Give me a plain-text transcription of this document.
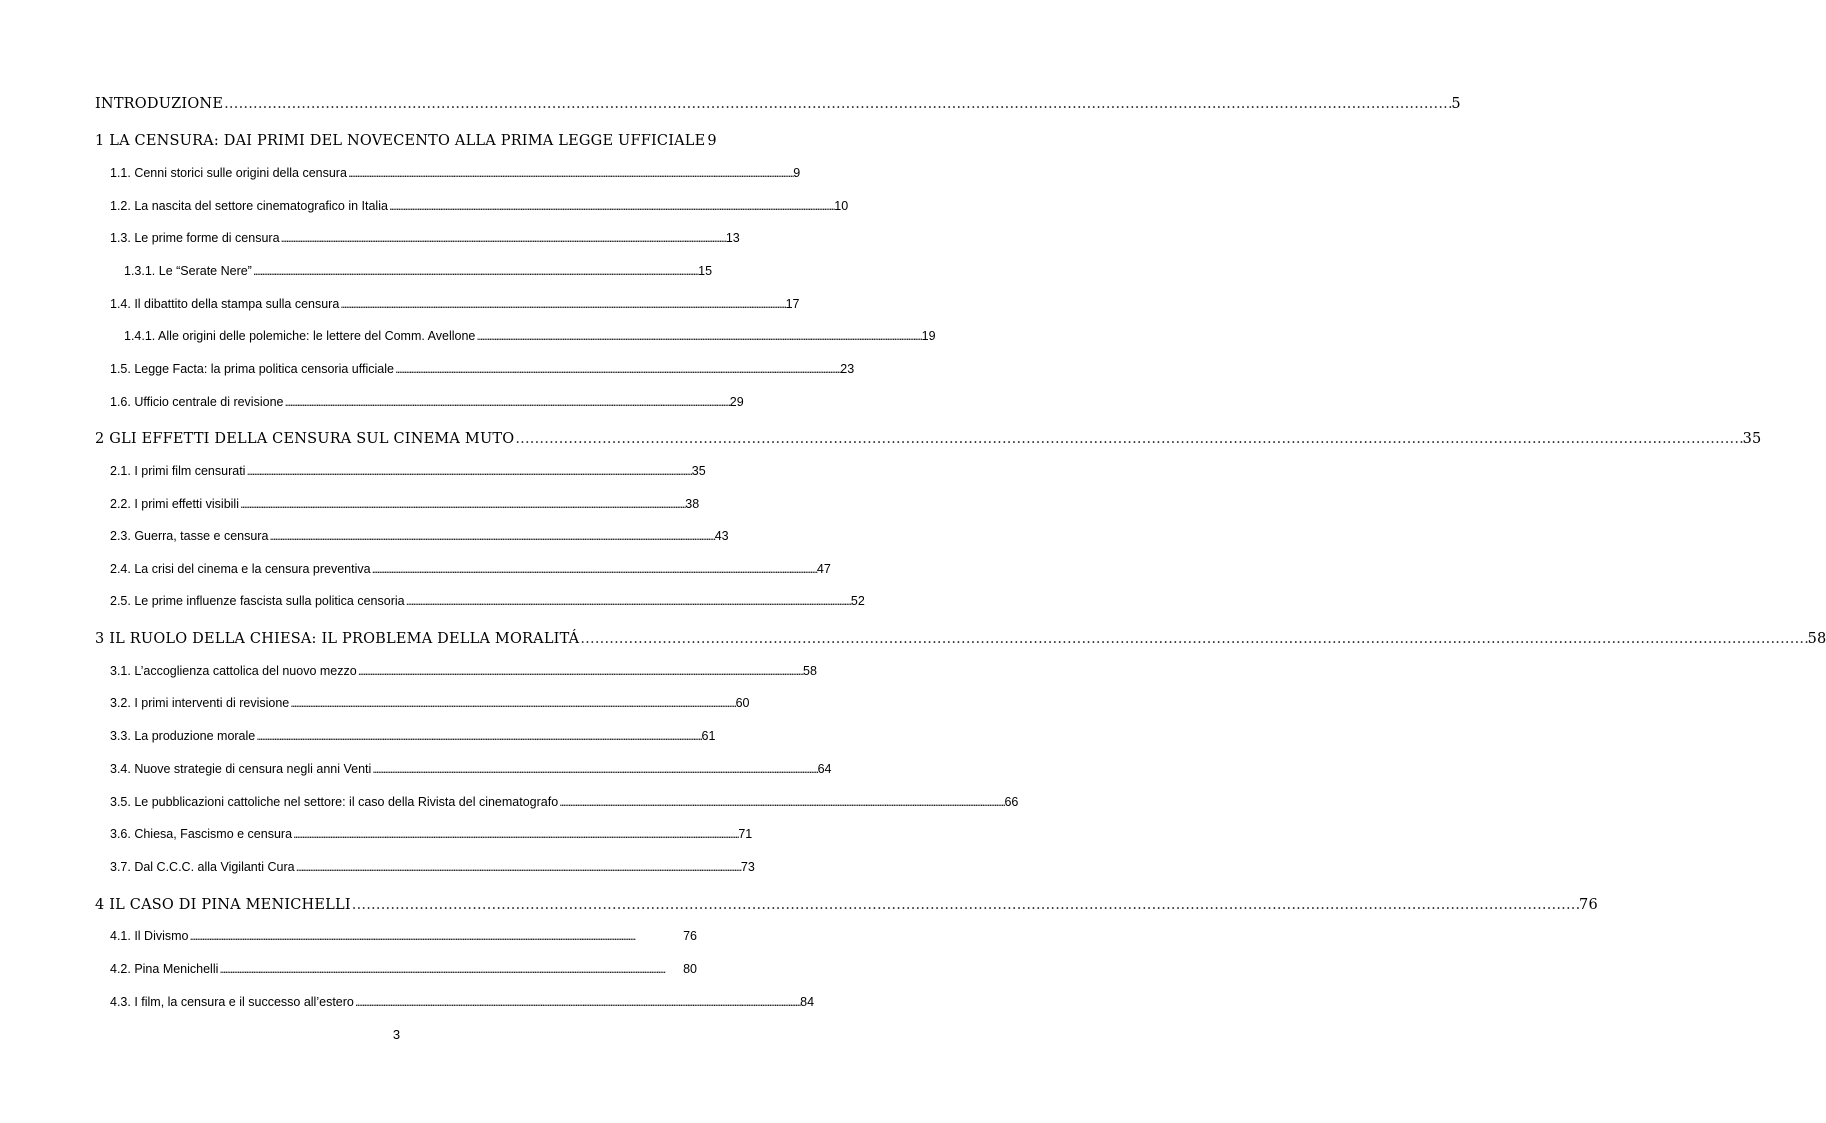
INTRODUZIONE . . .	5
1 LA CENSURA: DAI PRIMI DEL NOVECENTO ALLA PRIMA LEGGE UFFICIALE 9
1.1. Cenni storici sulle origini della censura . . .	9
1.2. La nascita del settore cinematografico in Italia . . .	10
1.3. Le prime forme di censura . . .	13
1.3.1. Le “Serate Nere” . . .	15
1.4. Il dibattito della stampa sulla censura . . .	17
1.4.1. Alle origini delle polemiche: le lettere del Comm. Avellone . . .	19
1.5. Legge Facta: la prima politica censoria ufficiale . . .	23
1.6. Ufficio centrale di revisione . . .	29
2 GLI EFFETTI DELLA CENSURA SUL CINEMA MUTO . . .	35
2.1. I primi film censurati . . .	35
2.2. I primi effetti visibili . . .	38
2.3. Guerra, tasse e censura . . .	43
2.4. La crisi del cinema e la censura preventiva . . .	47
2.5. Le prime influenze fascista sulla politica censoria . . .	52
3 IL RUOLO DELLA CHIESA: IL PROBLEMA DELLA MORALITÁ . . .	58
3.1. L’accoglienza cattolica del nuovo mezzo . . .	58
3.2. I primi interventi di revisione . . .	60
3.3. La produzione morale . . .	61
3.4. Nuove strategie di censura negli anni Venti . . .	64
3.5. Le pubblicazioni cattoliche nel settore: il caso della Rivista del cinematografo . . .	66
3.6. Chiesa, Fascismo e censura . . .	71
3.7. Dal C.C.C. alla Vigilanti Cura . . .	73
4 IL CASO DI PINA MENICHELLI . . .	76
4.1. Il Divismo . . .	76
4.2. Pina Menichelli . . .	80
4.3. I film, la censura e il successo all’estero . . .	84
3
